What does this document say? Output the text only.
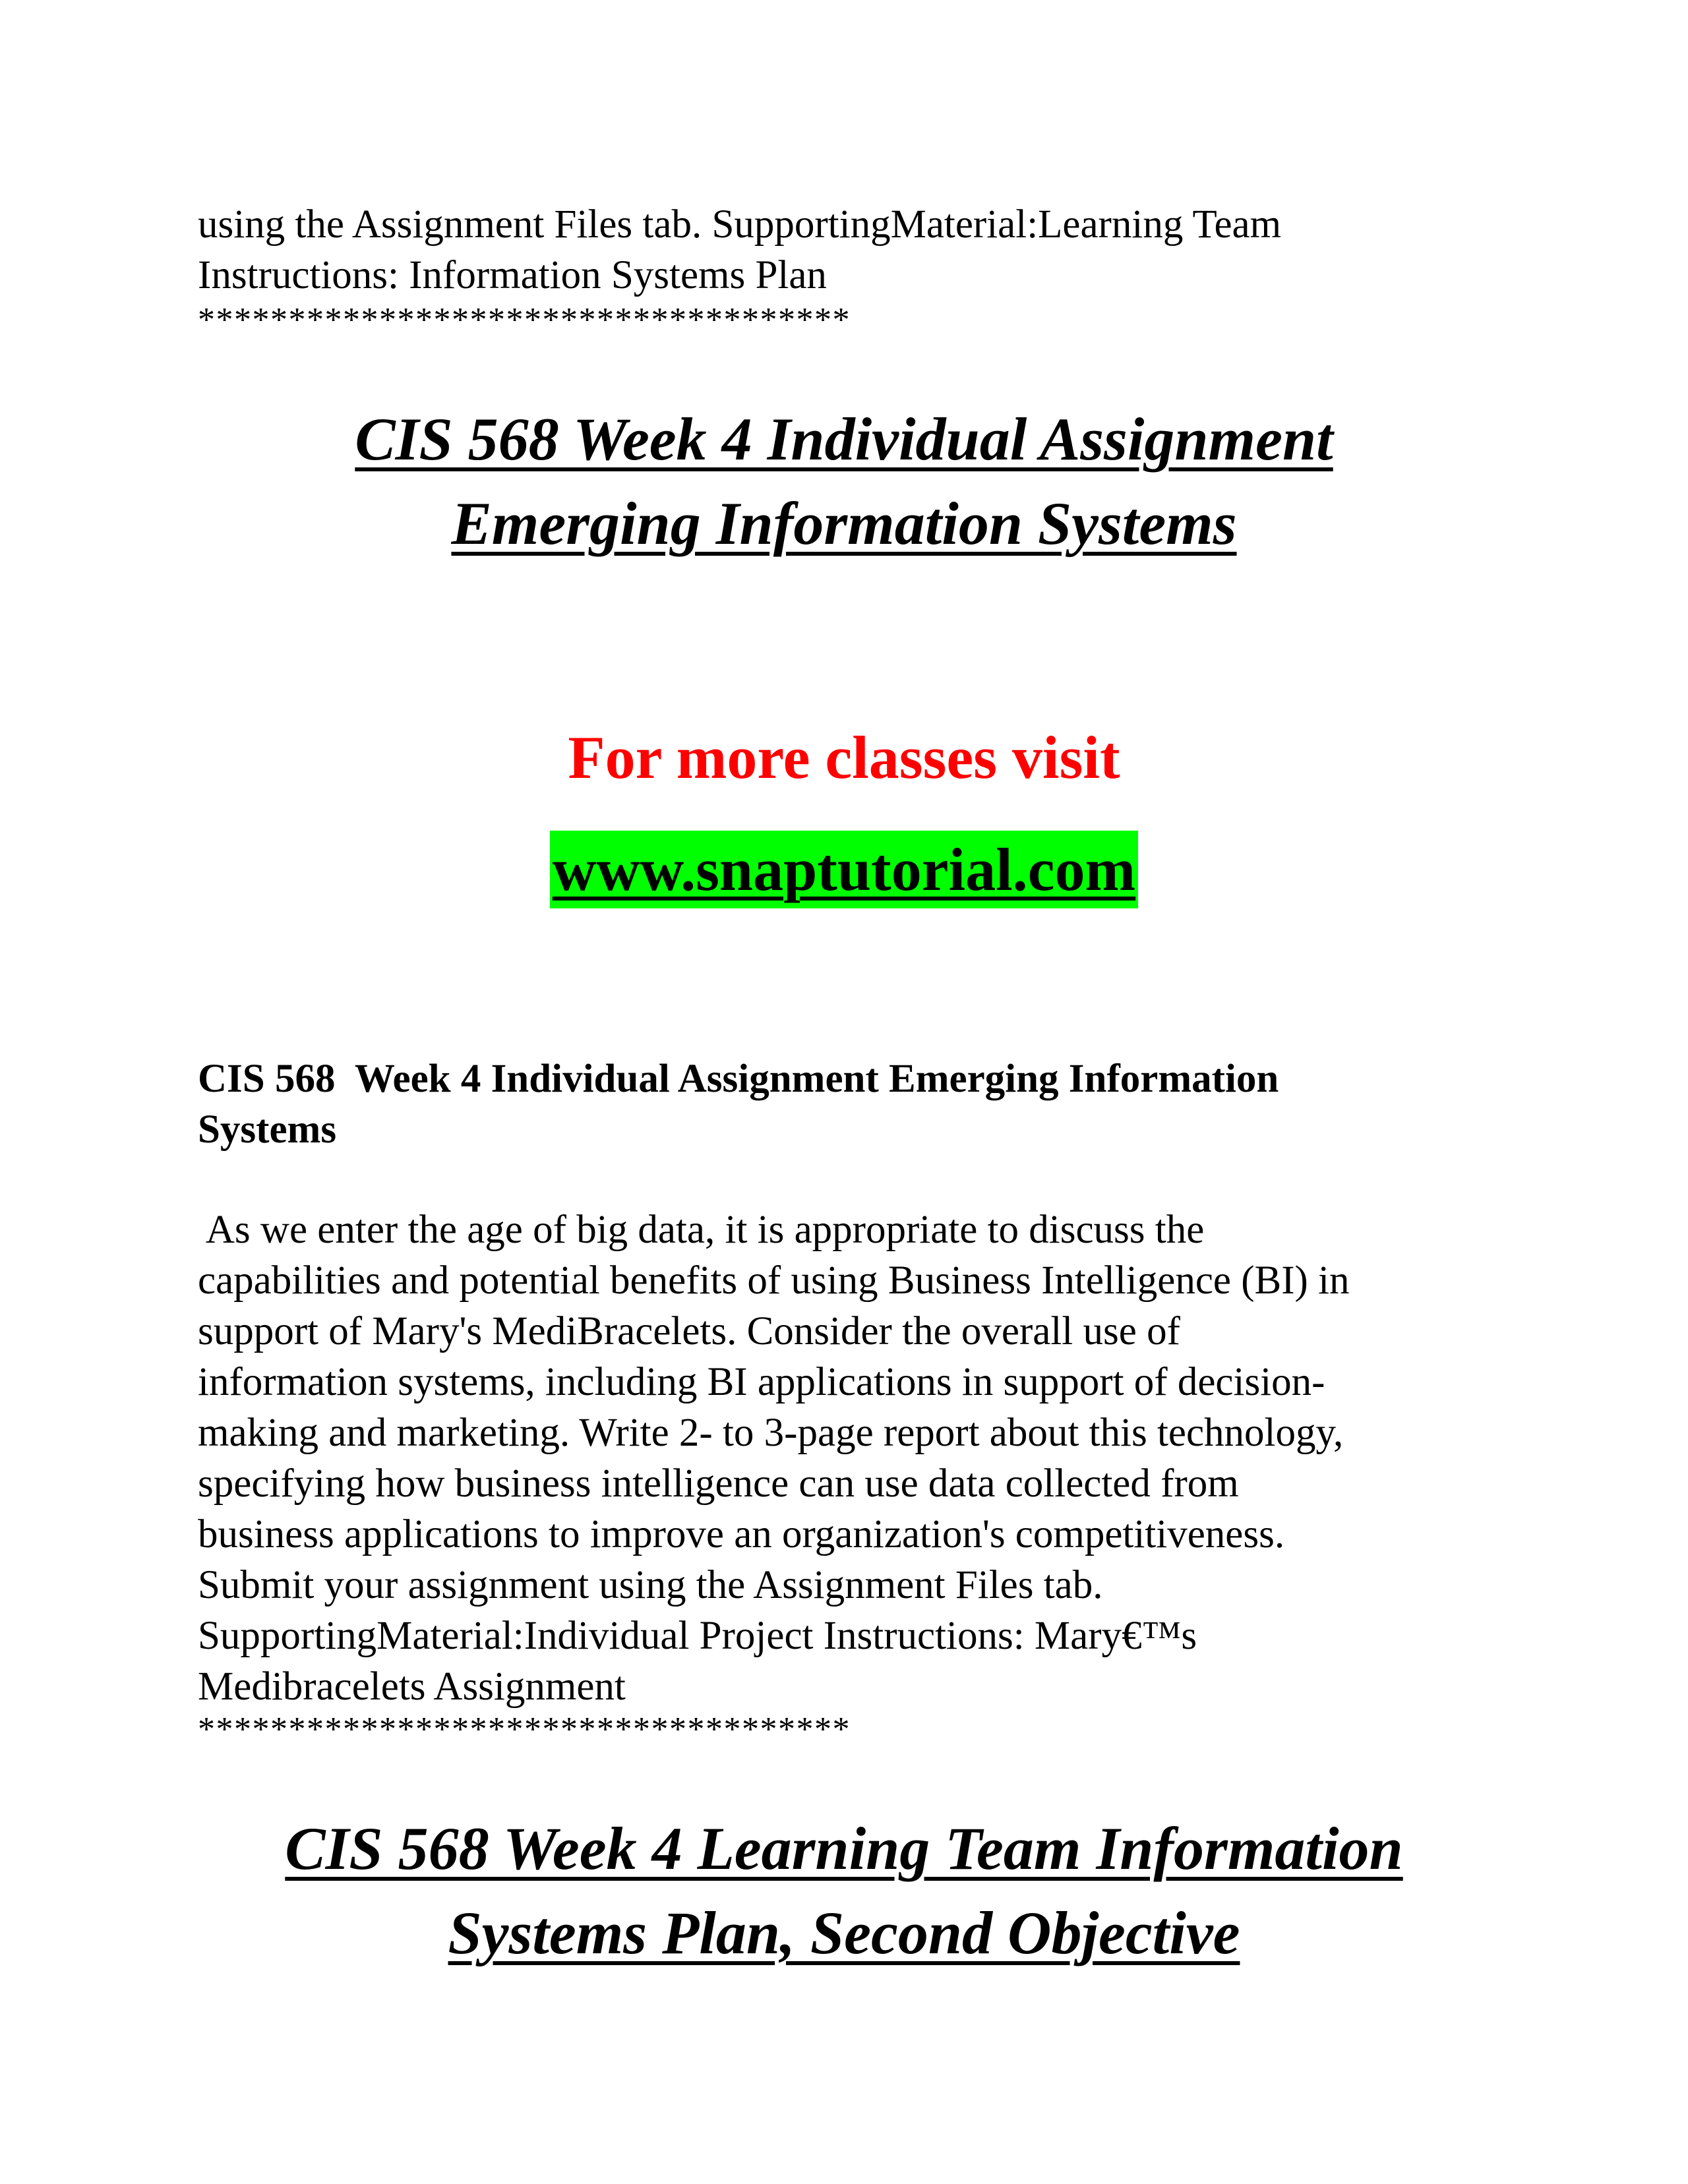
using the Assignment Files tab. SupportingMaterial:Learning Team
Instructions: Information Systems Plan
************************************
CIS 568 Week 4 Individual Assignment
Emerging Information Systems
For more classes visit
www.snaptutorial.com
CIS 568  Week 4 Individual Assignment Emerging Information
Systems
As we enter the age of big data, it is appropriate to discuss the
capabilities and potential benefits of using Business Intelligence (BI) in
support of Mary's MediBracelets. Consider the overall use of
information systems, including BI applications in support of decision-
making and marketing. Write 2- to 3-page report about this technology,
specifying how business intelligence can use data collected from
business applications to improve an organization's competitiveness.
Submit your assignment using the Assignment Files tab.
SupportingMaterial:Individual Project Instructions: Mary€™s
Medibracelets Assignment
************************************
CIS 568 Week 4 Learning Team Information
Systems Plan, Second Objective
